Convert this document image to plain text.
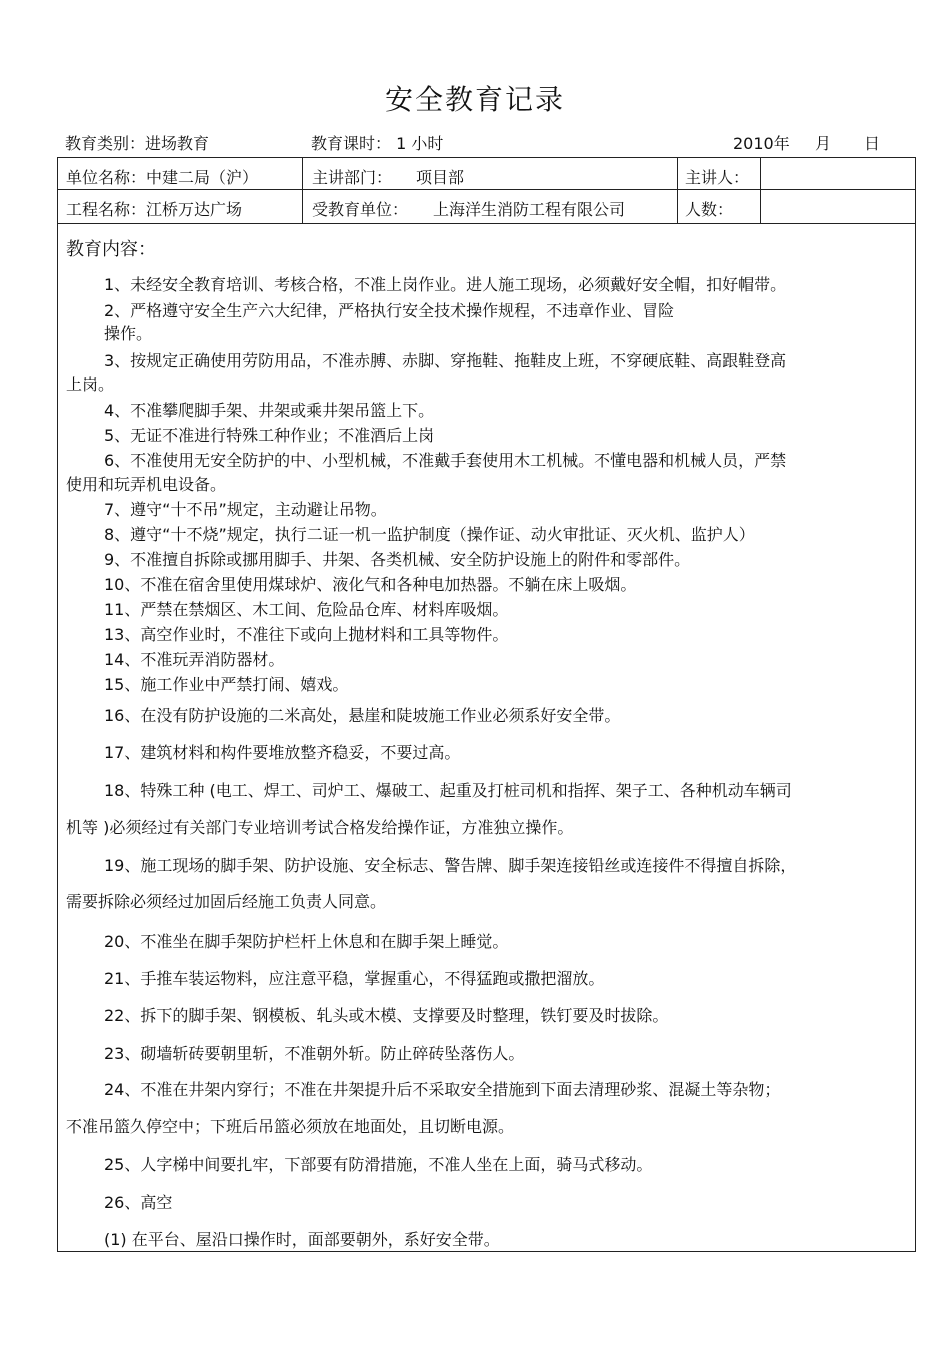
安全教育记录
教育类别：进场教育	教育课时： 1 小时	2010年 月 日
单位名称：中建二局（沪）	主讲部门： 项目部	主讲人：
工程名称：江桥万达广场	受教育单位： 上海洋生消防工程有限公司	人数：
教育内容：
1、未经安全教育培训、考核合格，不准上岗作业。进人施工现场，必须戴好安全帽，扣好帽带。
2、严格遵守安全生产六大纪律，严格执行安全技术操作规程，不违章作业、冒险
操作。
3、按规定正确使用劳防用品，不准赤膊、赤脚、穿拖鞋、拖鞋皮上班，不穿硬底鞋、高跟鞋登高
上岗。
4、不准攀爬脚手架、井架或乘井架吊篮上下。
5、无证不准进行特殊工种作业；不准酒后上岗
6、不准使用无安全防护的中、小型机械，不准戴手套使用木工机械。不懂电器和机械人员，严禁
使用和玩弄机电设备。
7、遵守“十不吊”规定，主动避让吊物。
8、遵守“十不烧”规定，执行二证一机一监护制度（操作证、动火审批证、灭火机、监护人）
9、不准擅自拆除或挪用脚手、井架、各类机械、安全防护设施上的附件和零部件。
10、不准在宿舍里使用煤球炉、液化气和各种电加热器。不躺在床上吸烟。
11、严禁在禁烟区、木工间、危险品仓库、材料库吸烟。
13、高空作业时，不准往下或向上抛材料和工具等物件。
14、不准玩弄消防器材。
15、施工作业中严禁打闹、嬉戏。
16、在没有防护设施的二米高处，悬崖和陡坡施工作业必须系好安全带。
17、建筑材料和构件要堆放整齐稳妥，不要过高。
18、特殊工种 (电工、焊工、司炉工、爆破工、起重及打桩司机和指挥、架子工、各种机动车辆司
机等 )必须经过有关部门专业培训考试合格发给操作证，方准独立操作。
19、施工现场的脚手架、防护设施、安全标志、警告牌、脚手架连接铅丝或连接件不得擅自拆除，
需要拆除必须经过加固后经施工负责人同意。
20、不准坐在脚手架防护栏杆上休息和在脚手架上睡觉。
21、手推车装运物料，应注意平稳，掌握重心，不得猛跑或撒把溜放。
22、拆下的脚手架、钢模板、轧头或木模、支撑要及时整理，铁钉要及时拔除。
23、砌墙斩砖要朝里斩，不准朝外斩。防止碎砖坠落伤人。
24、不准在井架内穿行；不准在井架提升后不采取安全措施到下面去清理砂浆、混凝土等杂物；
不准吊篮久停空中；下班后吊篮必须放在地面处，且切断电源。
25、人字梯中间要扎牢，下部要有防滑措施，不准人坐在上面，骑马式移动。
26、高空
(1) 在平台、屋沿口操作时，面部要朝外，系好安全带。
